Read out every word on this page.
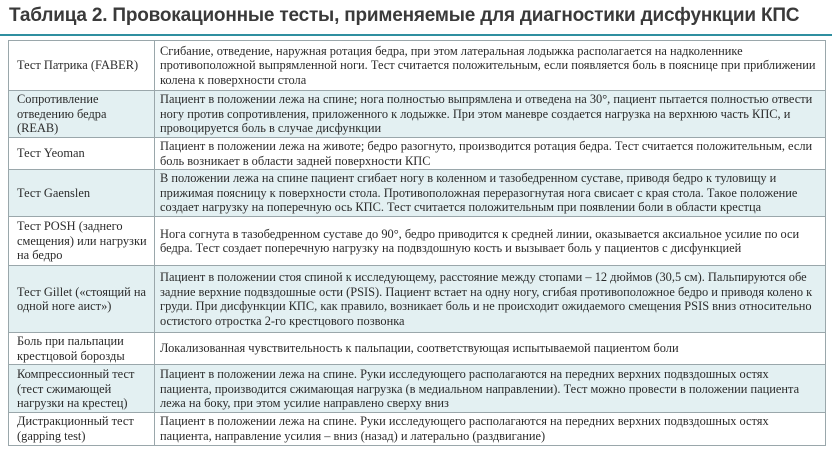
Таблица 2. Провокационные тесты, применяемые для диагностики дисфункции КПС
Тест Патрика (FABER)	Сгибание, отведение, наружная ротация бедра, при этом латеральная лодыжка располагается на надколеннике противоположной выпрямленной ноги. Тест считается положительным, если появляется боль в пояснице при приближении колена к поверхности стола
Сопротивление отведению бедра (REAB)	Пациент в положении лежа на спине; нога полностью выпрямлена и отведена на 30°, пациент пытается полностью отвести ногу против сопротивления, приложенного к лодыжке. При этом маневре создается нагрузка на верхнюю часть КПС, и провоцируется боль в случае дисфункции
Тест Yeoman	Пациент в положении лежа на животе; бедро разогнуто, производится ротация бедра. Тест считается положительным, если боль возникает в области задней поверхности КПС
Тест Gaenslen	В положении лежа на спине пациент сгибает ногу в коленном и тазобедренном суставе, приводя бедро к туловищу и прижимая поясницу к поверхности стола. Противоположная переразогнутая нога свисает с края стола. Такое положение создает нагрузку на поперечную ось КПС. Тест считается положительным при появлении боли в области крестца
Тест POSH (заднего смещения) или нагрузки на бедро	Нога согнута в тазобедренном суставе до 90°, бедро приводится к средней линии, оказывается аксиальное усилие по оси бедра. Тест создает поперечную нагрузку на подвздошную кость и вызывает боль у пациентов с дисфункцией
Тест Gillet («стоящий на одной ноге аист»)	Пациент в положении стоя спиной к исследующему, расстояние между стопами – 12 дюймов (30,5 см). Пальпируются обе задние верхние подвздошные ости (PSIS). Пациент встает на одну ногу, сгибая противоположное бедро и приводя колено к груди. При дисфункции КПС, как правило, возникает боль и не происходит ожидаемого смещения PSIS вниз относительно остистого отростка 2-го крестцового позвонка
Боль при пальпации крестцовой борозды	Локализованная чувствительность к пальпации, соответствующая испытываемой пациентом боли
Компрессионный тест (тест сжимающей нагрузки на крестец)	Пациент в положении лежа на спине. Руки исследующего располагаются на передних верхних подвздошных остях пациента, производится сжимающая нагрузка (в медиальном направлении). Тест можно провести в положении пациента лежа на боку, при этом усилие направлено сверху вниз
Дистракционный тест (gapping test)	Пациент в положении лежа на спине. Руки исследующего располагаются на передних верхних подвздошных остях пациента, направление усилия – вниз (назад) и латерально (раздвигание)
